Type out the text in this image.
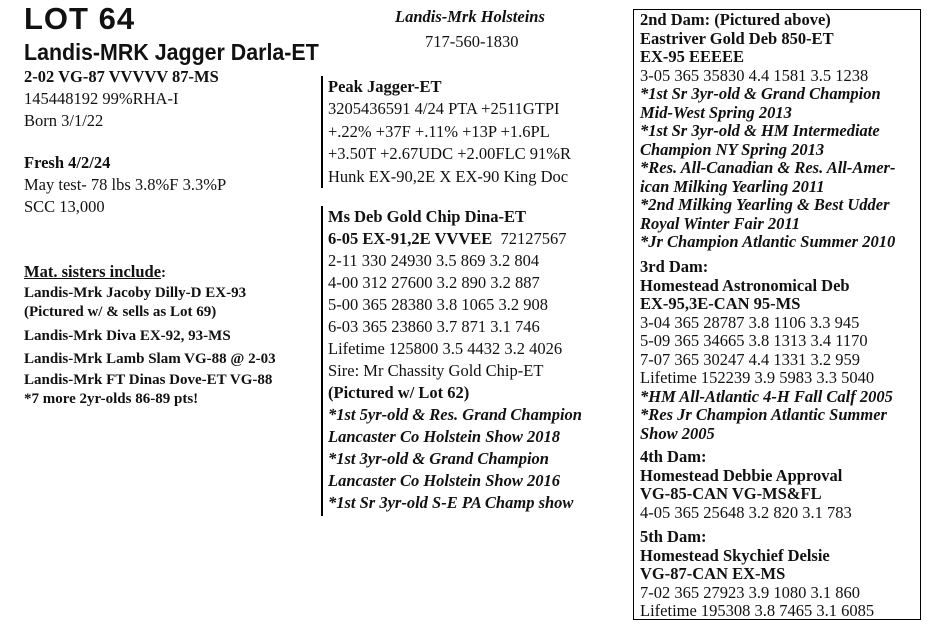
LOT 64
Landis-MRK Jagger Darla-ET
2-02 VG-87 VVVVV 87-MS
145448192 99%RHA-I
Born 3/1/22
Fresh 4/2/24
May test- 78 lbs 3.8%F 3.3%P
SCC 13,000
Mat. sisters include:
Landis-Mrk Jacoby Dilly-D EX-93
(Pictured w/ & sells as Lot 69)
Landis-Mrk Diva EX-92, 93-MS
Landis-Mrk Lamb Slam VG-88 @ 2-03
Landis-Mrk FT Dinas Dove-ET VG-88
*7 more 2yr-olds 86-89 pts!
Landis-Mrk Holsteins
717-560-1830
Peak Jagger-ET
3205436591 4/24 PTA +2511GTPI
+.22% +37F +.11% +13P +1.6PL
+3.50T +2.67UDC +2.00FLC 91%R
Hunk EX-90,2E X EX-90 King Doc
Ms Deb Gold Chip Dina-ET
6-05 EX-91,2E VVVEE 72127567
2-11 330 24930 3.5 869 3.2 804
4-00 312 27600 3.2 890 3.2 887
5-00 365 28380 3.8 1065 3.2 908
6-03 365 23860 3.7 871 3.1 746
Lifetime 125800 3.5 4432 3.2 4026
Sire: Mr Chassity Gold Chip-ET
(Pictured w/ Lot 62)
*1st 5yr-old & Res. Grand Champion
Lancaster Co Holstein Show 2018
*1st 3yr-old & Grand Champion
Lancaster Co Holstein Show 2016
*1st Sr 3yr-old S-E PA Champ show
2nd Dam: (Pictured above)
Eastriver Gold Deb 850-ET
EX-95 EEEEE
3-05 365 35830 4.4 1581 3.5 1238
*1st Sr 3yr-old & Grand Champion
Mid-West Spring 2013
*1st Sr 3yr-old & HM Intermediate
Champion NY Spring 2013
*Res. All-Canadian & Res. All-Amer-
ican Milking Yearling 2011
*2nd Milking Yearling & Best Udder
Royal Winter Fair 2011
*Jr Champion Atlantic Summer 2010
3rd Dam:
Homestead Astronomical Deb
EX-95,3E-CAN 95-MS
3-04 365 28787 3.8 1106 3.3 945
5-09 365 34665 3.8 1313 3.4 1170
7-07 365 30247 4.4 1331 3.2 959
Lifetime 152239 3.9 5983 3.3 5040
*HM All-Atlantic 4-H Fall Calf 2005
*Res Jr Champion Atlantic Summer
Show 2005
4th Dam:
Homestead Debbie Approval
VG-85-CAN VG-MS&FL
4-05 365 25648 3.2 820 3.1 783
5th Dam:
Homestead Skychief Delsie
VG-87-CAN EX-MS
7-02 365 27923 3.9 1080 3.1 860
Lifetime 195308 3.8 7465 3.1 6085
